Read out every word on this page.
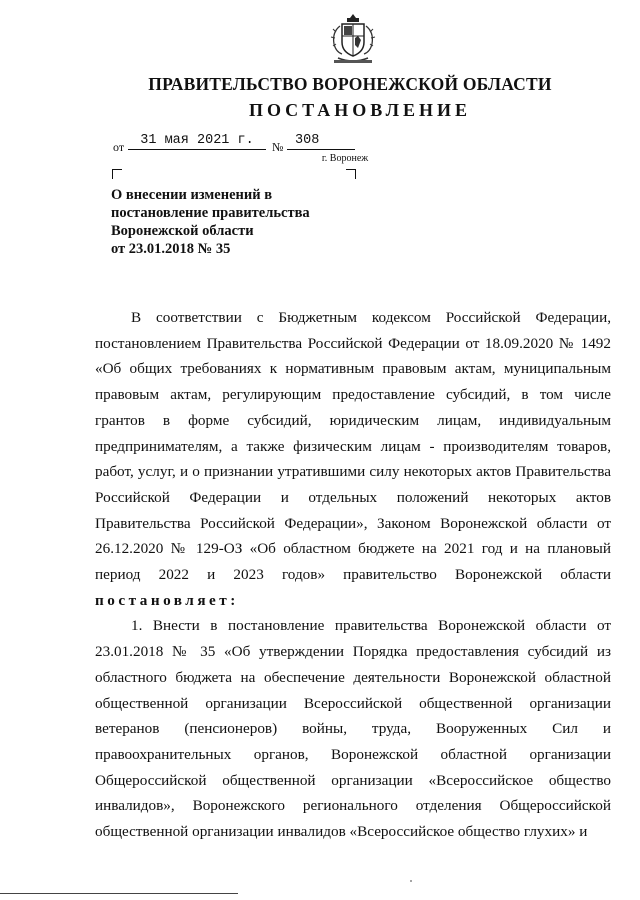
ПРАВИТЕЛЬСТВО ВОРОНЕЖСКОЙ ОБЛАСТИ
ПОСТАНОВЛЕНИЕ
от	31 мая 2021 г.	№ 308
г. Воронеж
О внесении изменений в
постановление правительства
Воронежской области
от 23.01.2018 № 35

В соответствии с Бюджетным кодексом Российской Федерации, постановлением Правительства Российской Федерации от 18.09.2020 № 1492 «Об общих требованиях к нормативным правовым актам, муниципальным правовым актам, регулирующим предоставление субсидий, в том числе грантов в форме субсидий, юридическим лицам, индивидуальным предпринимателям, а также физическим лицам - производителям товаров, работ, услуг, и о признании утратившими силу некоторых актов Правительства Российской Федерации и отдельных положений некоторых актов Правительства Российской Федерации», Законом Воронежской области от 26.12.2020 № 129-ОЗ «Об областном бюджете на 2021 год и на плановый период 2022 и 2023 годов» правительство Воронежской области постановляет:

1. Внести в постановление правительства Воронежской области от 23.01.2018 № 35 «Об утверждении Порядка предоставления субсидий из областного бюджета на обеспечение деятельности Воронежской областной общественной организации Всероссийской общественной организации ветеранов (пенсионеров) войны, труда, Вооруженных Сил и правоохранительных органов, Воронежской областной организации Общероссийской общественной организации «Всероссийское общество инвалидов», Воронежского регионального отделения Общероссийской общественной организации инвалидов «Всероссийское общество глухих» и
